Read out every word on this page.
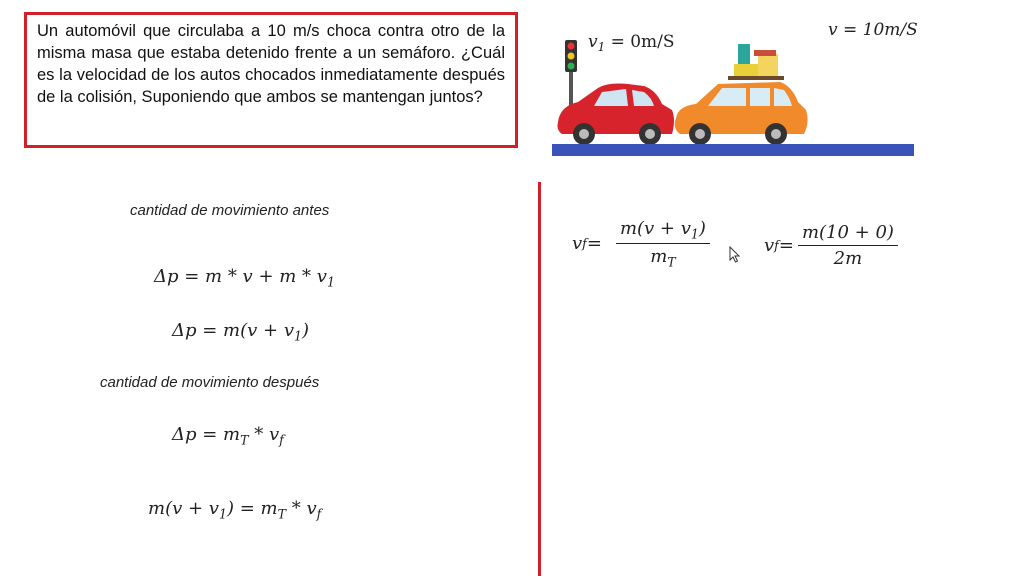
Un automóvil que circulaba a 10 m/s choca contra otro de la misma masa que estaba detenido frente a un semáforo. ¿Cuál es la velocidad de los autos chocados inmediatamente después de la colisión, Suponiendo que ambos se mantengan juntos?
$v_1 = 0m/S$
v = 10m/S
cantidad de movimiento antes
$\Delta p = m * v + m * v_1$
$\Delta p = m(v + v_1)$
cantidad de movimiento después
$\Delta p = m_T * v_f$
$m(v + v_1) = m_T * v_f$
v $f = \frac{m(v + v_1)}{m_T}$	v $f = \frac{m(10 + 0)}{2m}$
